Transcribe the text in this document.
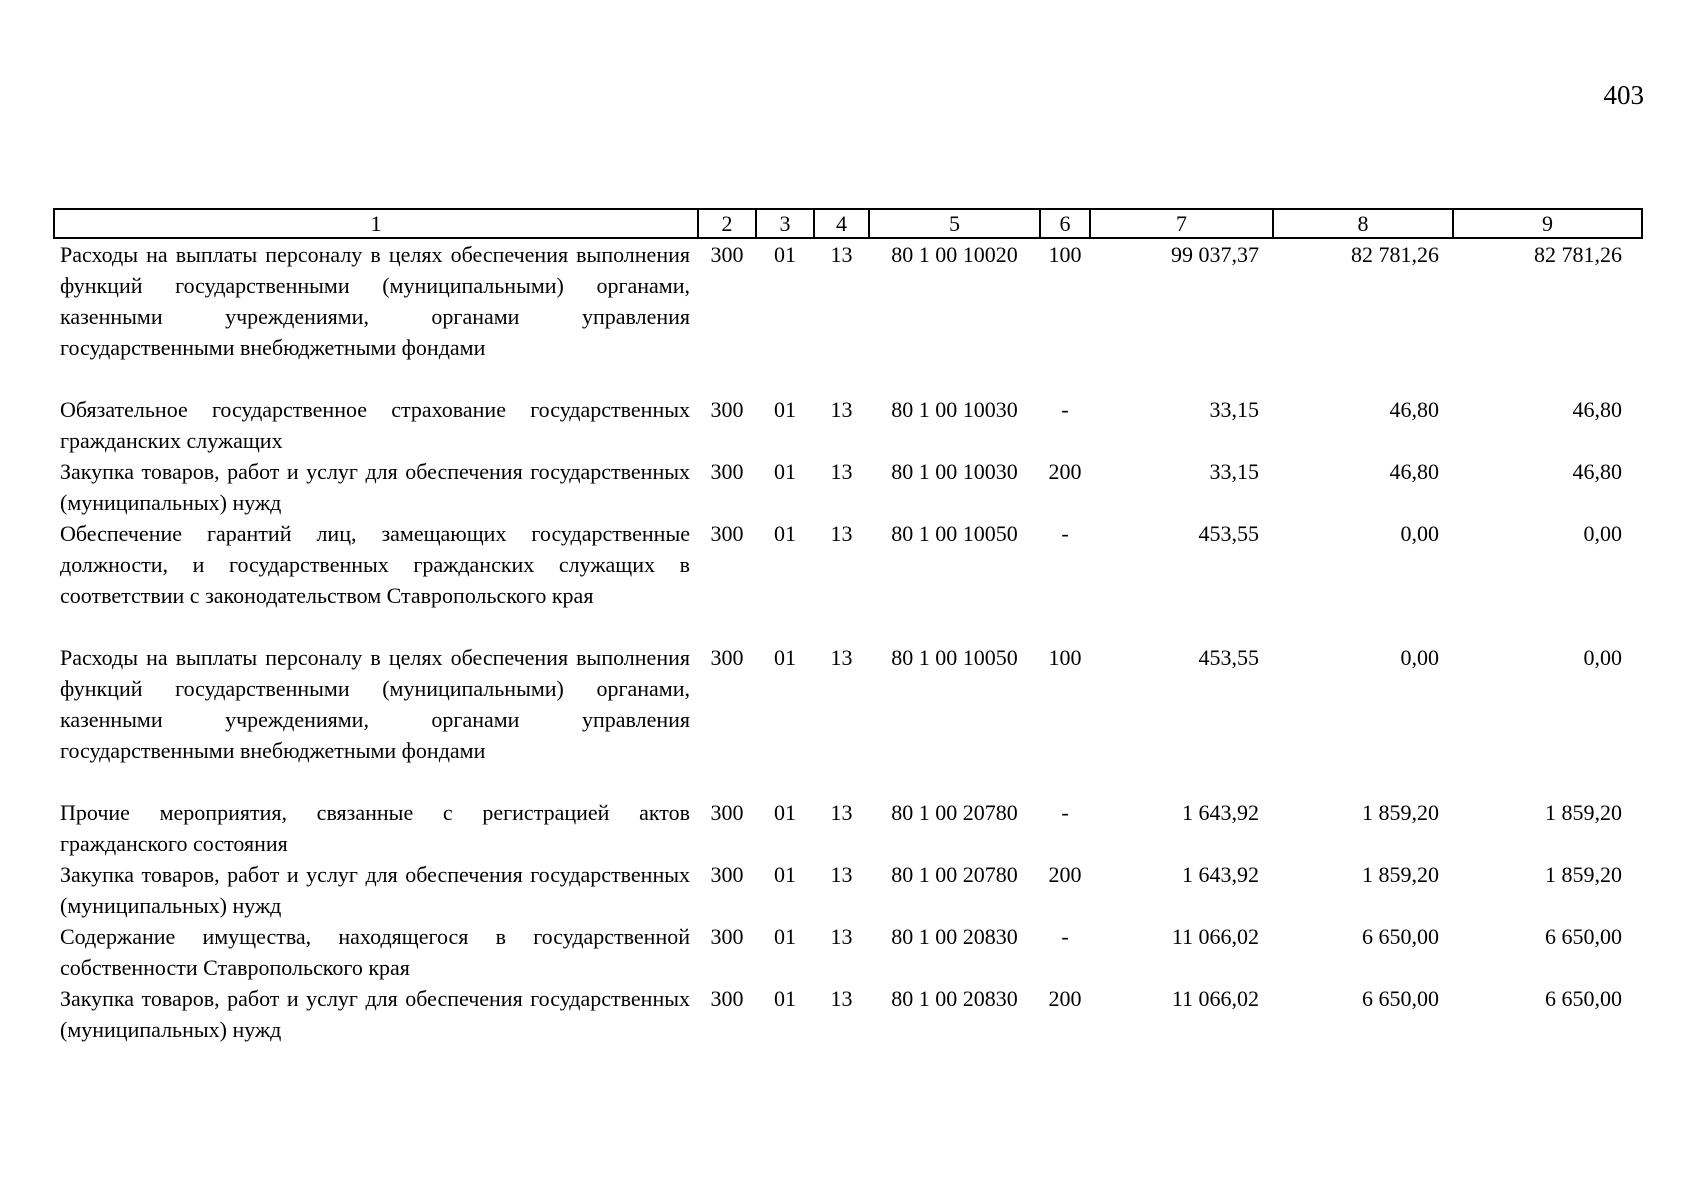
403
1	2	3	4	5	6	7	8	9
Расходы на выплаты персоналу в целях обеспечения выполнения функций государственными (муниципальными) органами, казенными учреждениями, органами управления государственными внебюджетными фондами	300	01	13	80 1 00 10020	100	99 037,37	82 781,26	82 781,26
Обязательное государственное страхование государственных гражданских служащих	300	01	13	80 1 00 10030	-	33,15	46,80	46,80
Закупка товаров, работ и услуг для обеспечения государственных (муниципальных) нужд	300	01	13	80 1 00 10030	200	33,15	46,80	46,80
Обеспечение гарантий лиц, замещающих государственные должности, и государственных гражданских служащих в соответствии с законодательством Ставропольского края	300	01	13	80 1 00 10050	-	453,55	0,00	0,00
Расходы на выплаты персоналу в целях обеспечения выполнения функций государственными (муниципальными) органами, казенными учреждениями, органами управления государственными внебюджетными фондами	300	01	13	80 1 00 10050	100	453,55	0,00	0,00
Прочие мероприятия, связанные с регистрацией актов гражданского состояния	300	01	13	80 1 00 20780	-	1 643,92	1 859,20	1 859,20
Закупка товаров, работ и услуг для обеспечения государственных (муниципальных) нужд	300	01	13	80 1 00 20780	200	1 643,92	1 859,20	1 859,20
Содержание имущества, находящегося в государственной собственности Ставропольского края	300	01	13	80 1 00 20830	-	11 066,02	6 650,00	6 650,00
Закупка товаров, работ и услуг для обеспечения государственных (муниципальных) нужд	300	01	13	80 1 00 20830	200	11 066,02	6 650,00	6 650,00
